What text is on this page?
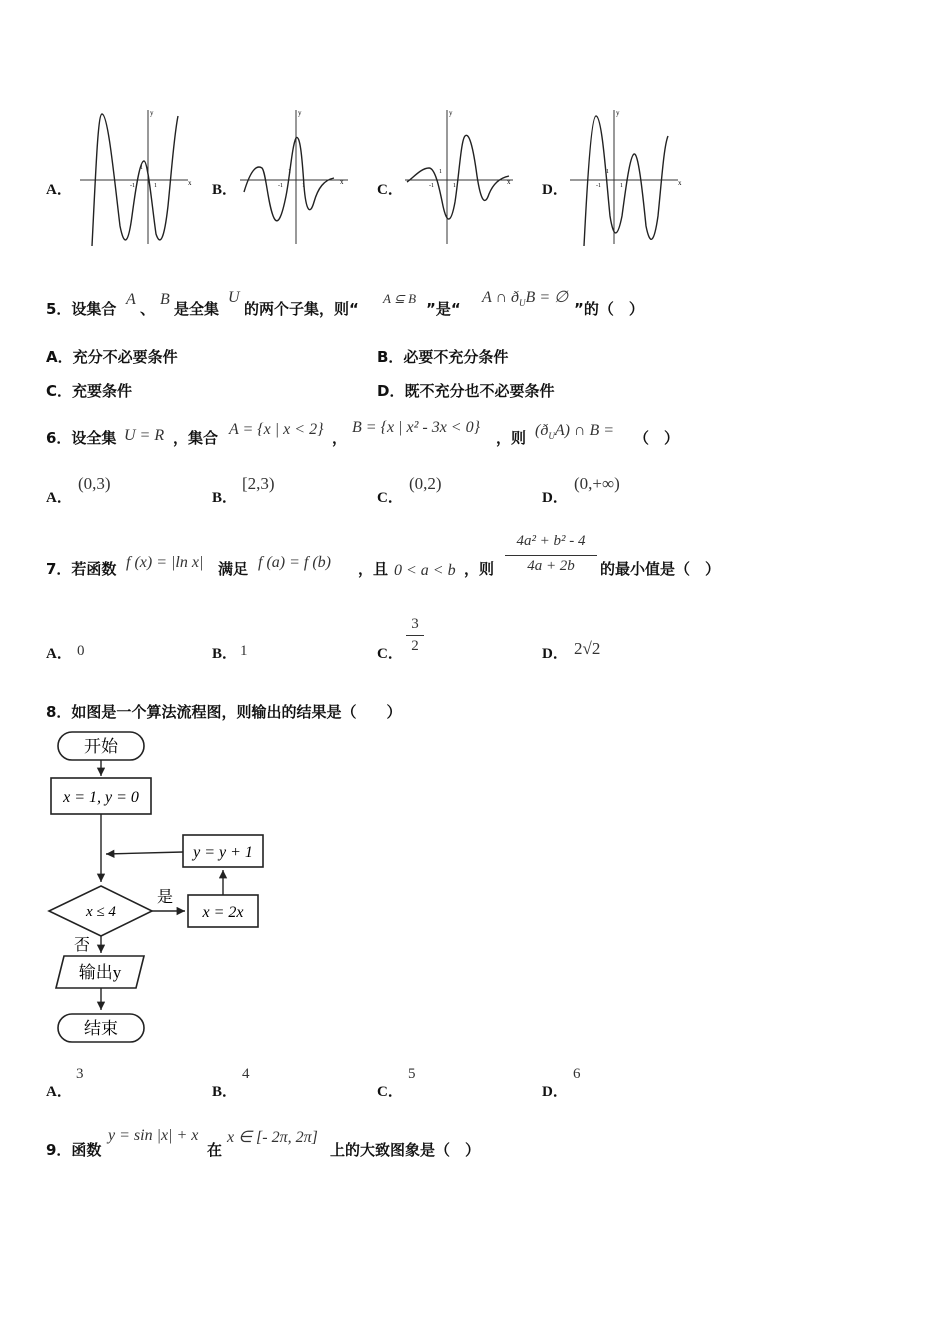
A．	B．	C．	D．
x
y
-1	1
1
x
y
-1	1
1
x
y
-1	1
1
x
y
-1	1
1
5．设集合
A
、
B
是全集
U
的两个子集，则“
A ⊆ B
”是“
A ∩ $ð_UB$ = ∅
”的（　）
A．充分不必要条件	B．必要不充分条件
C．充要条件	D．既不充分也不必要条件
6．设全集 U = R ，集合 A = {x | x < 2} ，
B = {x | x² - 3x < 0}
，则 $(ð_UA)$ ∩ B = （　）
A．
(0,3)
B．
[2,3)
C．
(0,2)
D．
(0,+∞)
7．若函数 f (x) = |ln x| 满足 f (a) = f (b) ，且 0 < a < b ，则
4a² + b² - 4
4a + 2b	的最小值是（　）
A． 0	B． 1	C．
3
2	D． 2√2
8．如图是一个算法流程图，则输出的结果是（　　）
开始
x = 1, y = 0
y = y + 1
x ≤ 4
是
x = 2x
否
输出y
结束
A．
3
B．
4
C．
5
D．
6
9．函数
y = sin |x| + x
在
x ∈ [- 2π, 2π]
上的大致图象是（　）
